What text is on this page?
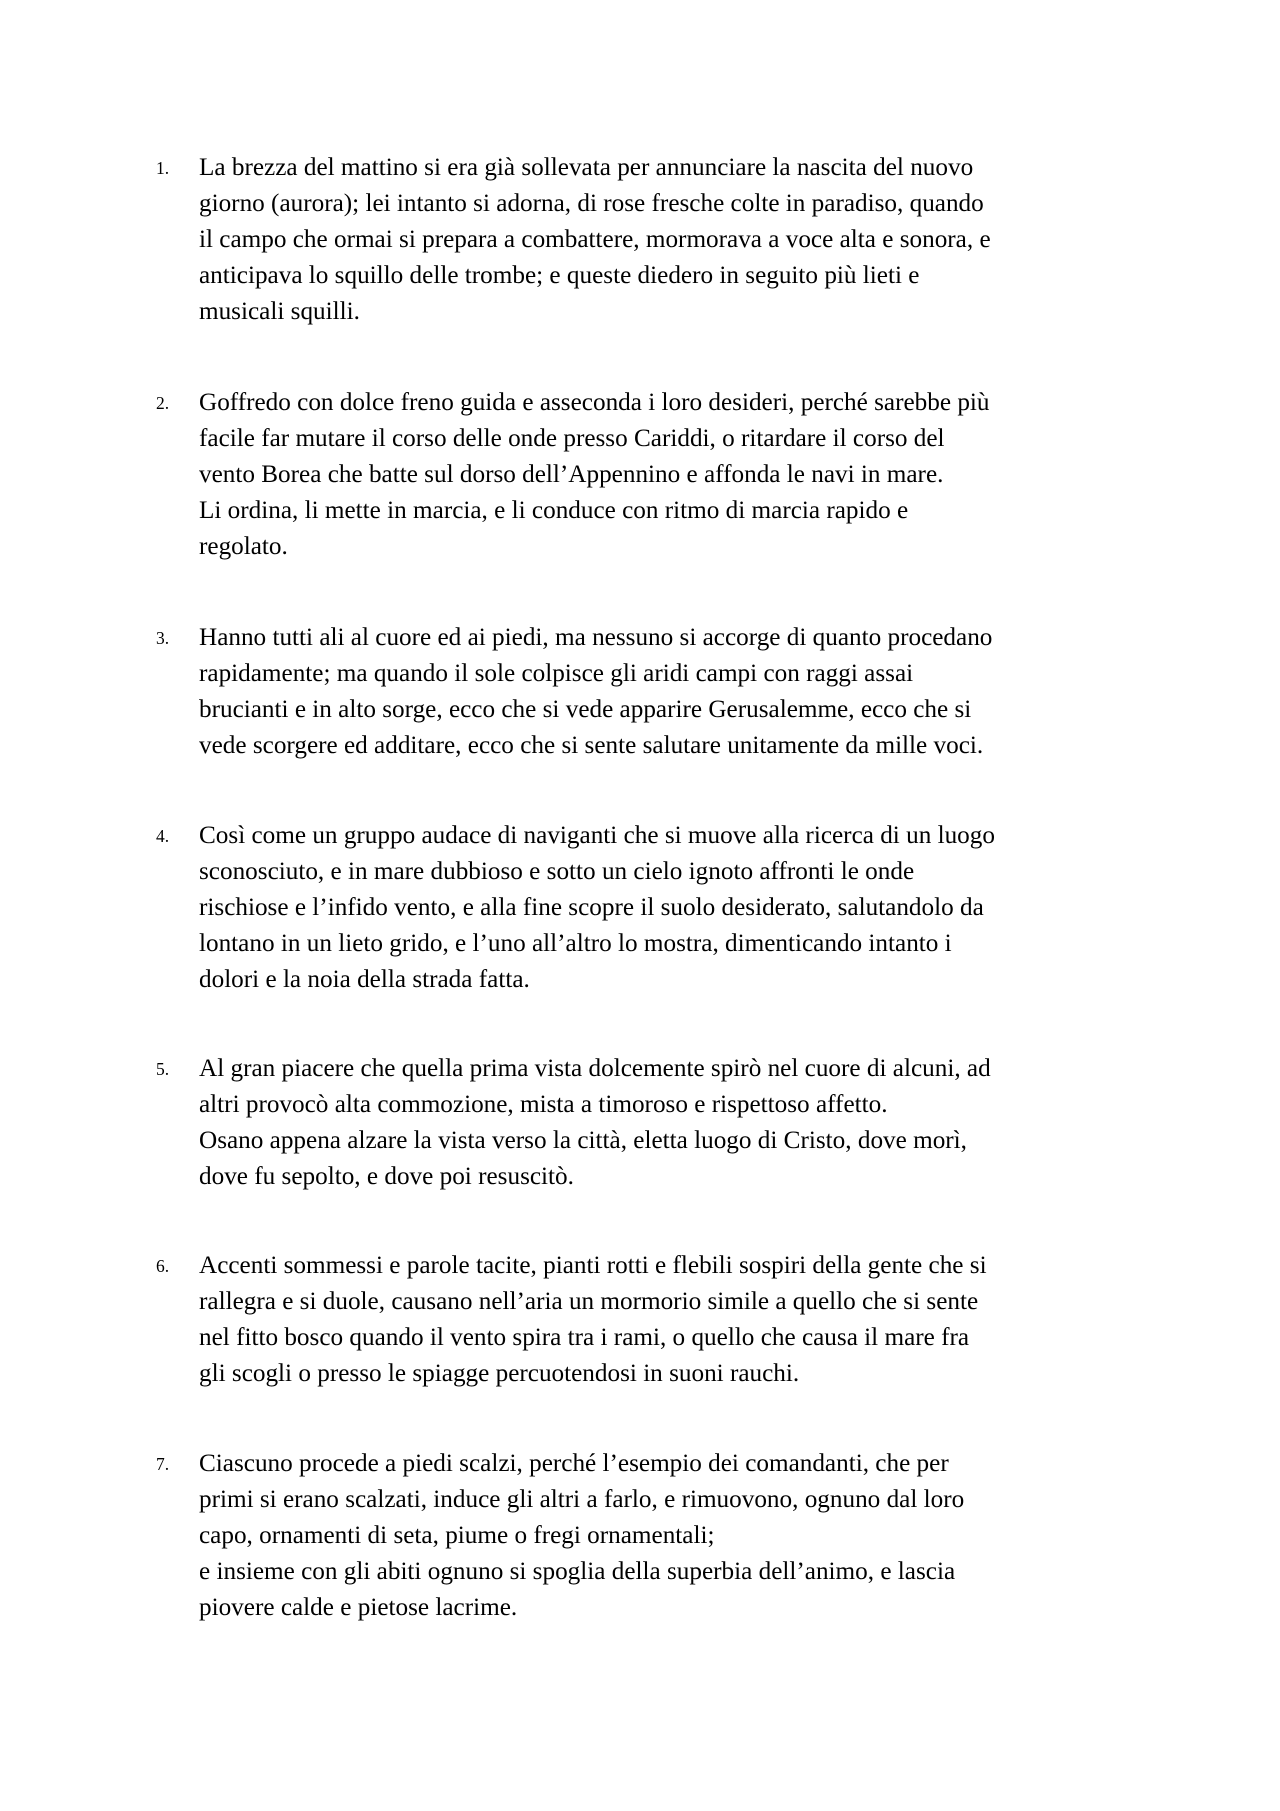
1. La brezza del mattino si era già sollevata per annunciare la nascita del nuovo
giorno (aurora); lei intanto si adorna, di rose fresche colte in paradiso, quando
il campo che ormai si prepara a combattere, mormorava a voce alta e sonora, e
anticipava lo squillo delle trombe; e queste diedero in seguito più lieti e
musicali squilli.
2. Goffredo con dolce freno guida e asseconda i loro desideri, perché sarebbe più
facile far mutare il corso delle onde presso Cariddi, o ritardare il corso del
vento Borea che batte sul dorso dell’Appennino e affonda le navi in mare.
Li ordina, li mette in marcia, e li conduce con ritmo di marcia rapido e
regolato.
3. Hanno tutti ali al cuore ed ai piedi, ma nessuno si accorge di quanto procedano
rapidamente; ma quando il sole colpisce gli aridi campi con raggi assai
brucianti e in alto sorge, ecco che si vede apparire Gerusalemme, ecco che si
vede scorgere ed additare, ecco che si sente salutare unitamente da mille voci.
4. Così come un gruppo audace di naviganti che si muove alla ricerca di un luogo
sconosciuto, e in mare dubbioso e sotto un cielo ignoto affronti le onde
rischiose e l’infido vento, e alla fine scopre il suolo desiderato, salutandolo da
lontano in un lieto grido, e l’uno all’altro lo mostra, dimenticando intanto i
dolori e la noia della strada fatta.
5. Al gran piacere che quella prima vista dolcemente spirò nel cuore di alcuni, ad
altri provocò alta commozione, mista a timoroso e rispettoso affetto.
Osano appena alzare la vista verso la città, eletta luogo di Cristo, dove morì,
dove fu sepolto, e dove poi resuscitò.
6. Accenti sommessi e parole tacite, pianti rotti e flebili sospiri della gente che si
rallegra e si duole, causano nell’aria un mormorio simile a quello che si sente
nel fitto bosco quando il vento spira tra i rami, o quello che causa il mare fra
gli scogli o presso le spiagge percuotendosi in suoni rauchi.
7. Ciascuno procede a piedi scalzi, perché l’esempio dei comandanti, che per
primi si erano scalzati, induce gli altri a farlo, e rimuovono, ognuno dal loro
capo, ornamenti di seta, piume o fregi ornamentali;
e insieme con gli abiti ognuno si spoglia della superbia dell’animo, e lascia
piovere calde e pietose lacrime.
